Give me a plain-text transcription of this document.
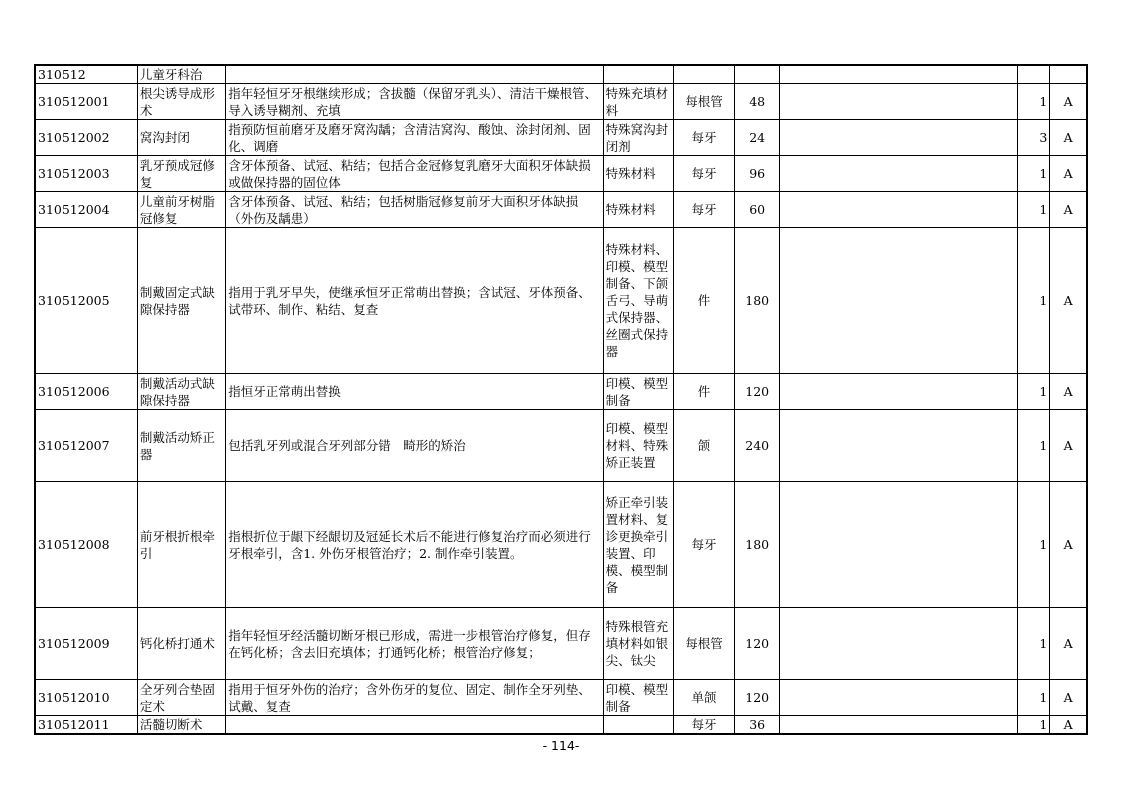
310512	儿童牙科治							
310512001	根尖诱导成形术	指年轻恒牙牙根继续形成；含拔髓（保留牙乳头）、清洁干燥根管、导入诱导糊剂、充填	特殊充填材料	每根管	48		1	A
310512002	窝沟封闭	指预防恒前磨牙及磨牙窝沟龋；含清洁窝沟、酸蚀、涂封闭剂、固化、调磨	特殊窝沟封闭剂	每牙	24		3	A
310512003	乳牙预成冠修复	含牙体预备、试冠、粘结；包括合金冠修复乳磨牙大面积牙体缺损或做保持器的固位体	特殊材料	每牙	96		1	A
310512004	儿童前牙树脂冠修复	含牙体预备、试冠、粘结；包括树脂冠修复前牙大面积牙体缺损（外伤及龋患）	特殊材料	每牙	60		1	A
310512005	制戴固定式缺隙保持器	指用于乳牙早失，使继承恒牙正常萌出替换；含试冠、牙体预备、试带环、制作、粘结、复查	特殊材料、印模、模型制备、下颌舌弓、导萌式保持器、丝圈式保持器	件	180		1	A
310512006	制戴活动式缺隙保持器	指恒牙正常萌出替换	印模、模型制备	件	120		1	A
310512007	制戴活动矫正器	包括乳牙列或混合牙列部分错　畸形的矫治	印模、模型材料、特殊矫正装置	颌	240		1	A
310512008	前牙根折根牵引	指根折位于龈下经龈切及冠延长术后不能进行修复治疗而必须进行牙根牵引，含1. 外伤牙根管治疗；2. 制作牵引装置。	矫正牵引装置材料、复诊更换牵引装置、印模、模型制备	每牙	180		1	A
310512009	钙化桥打通术	指年轻恒牙经活髓切断牙根已形成，需进一步根管治疗修复，但存在钙化桥；含去旧充填体；打通钙化桥；根管治疗修复；	特殊根管充填材料如银尖、钛尖	每根管	120		1	A
310512010	全牙列合垫固定术	指用于恒牙外伤的治疗；含外伤牙的复位、固定、制作全牙列垫、试戴、复查	印模、模型制备	单颌	120		1	A
310512011	活髓切断术			每牙	36		1	A
- 114-
